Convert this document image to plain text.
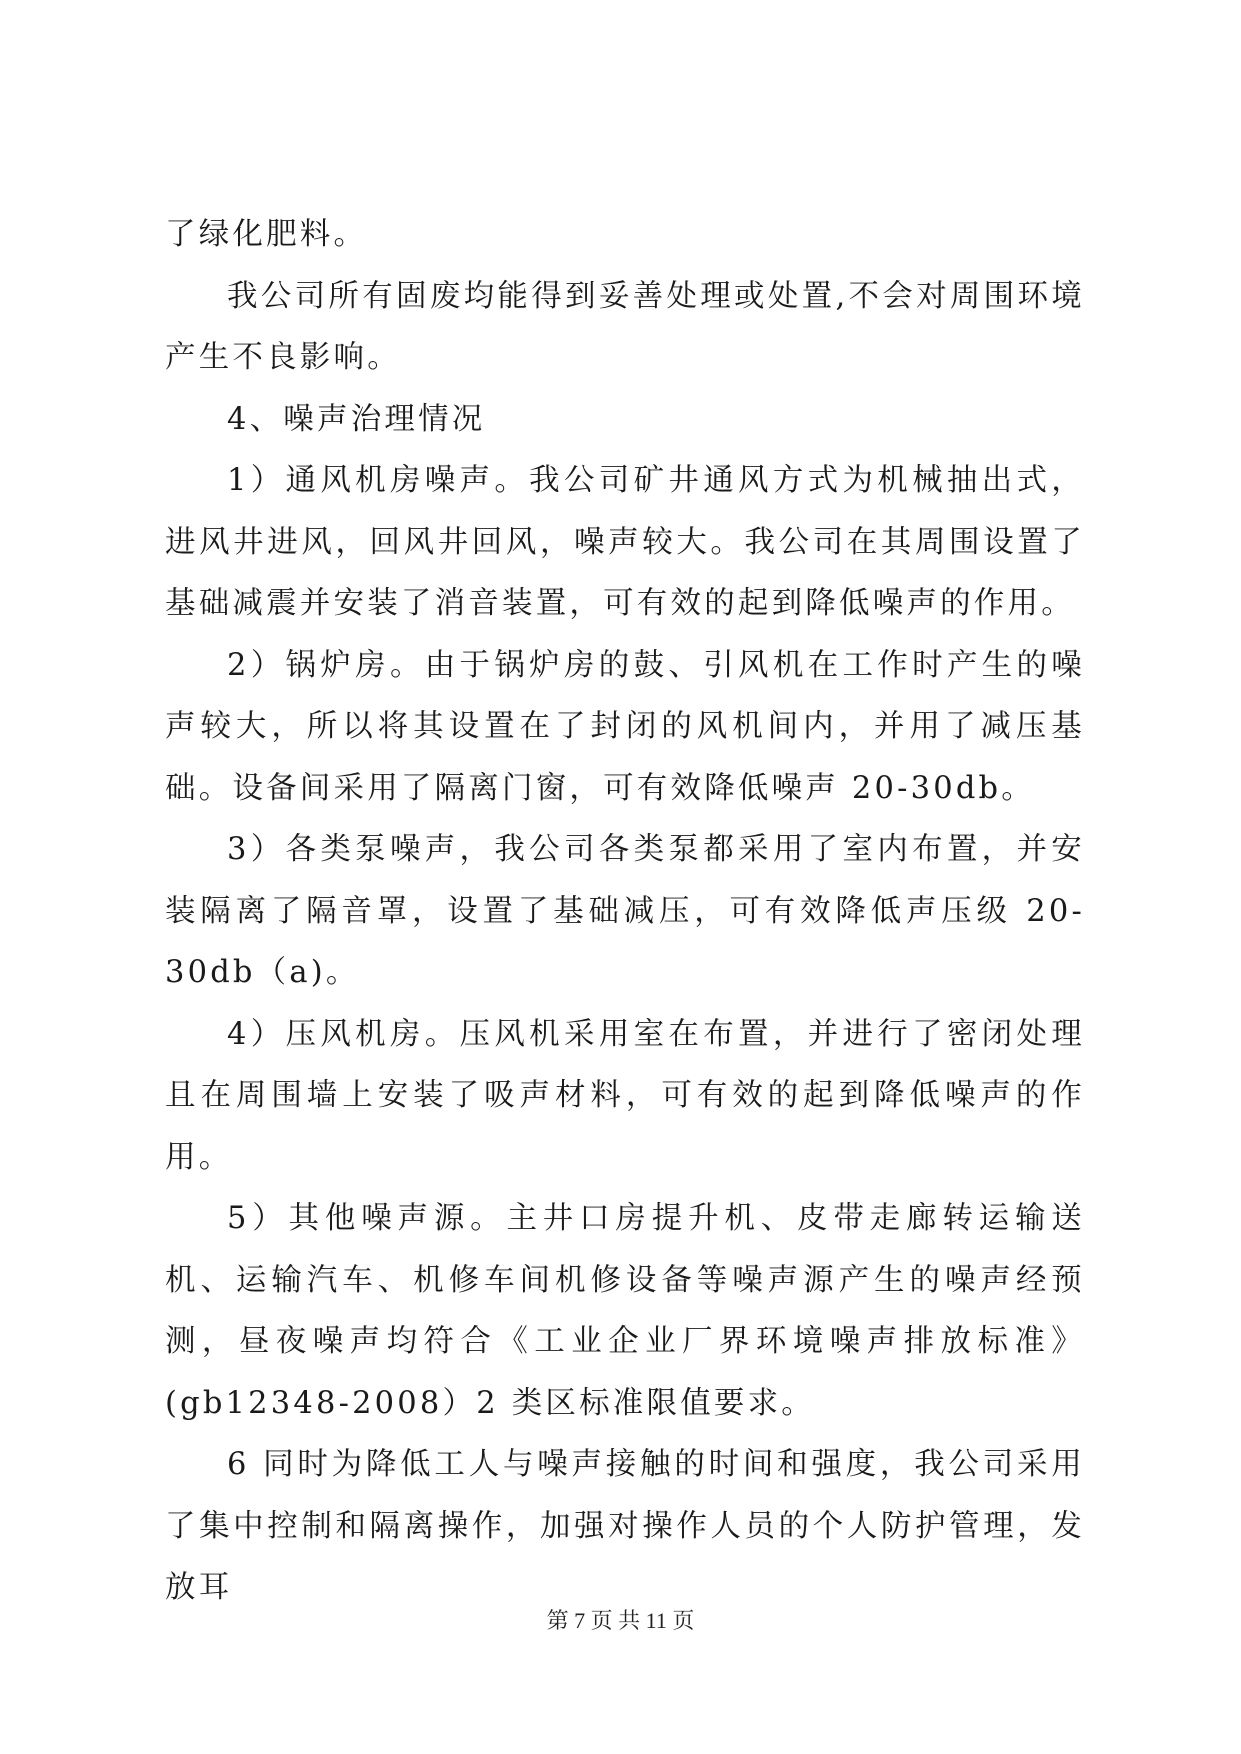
了绿化肥料。

我公司所有固废均能得到妥善处理或处置,不会对周围环境产生不良影响。

4、噪声治理情况

1）通风机房噪声。我公司矿井通风方式为机械抽出式，进风井进风，回风井回风，噪声较大。我公司在其周围设置了基础减震并安装了消音装置，可有效的起到降低噪声的作用。

2）锅炉房。由于锅炉房的鼓、引风机在工作时产生的噪声较大，所以将其设置在了封闭的风机间内，并用了减压基础。设备间采用了隔离门窗，可有效降低噪声 20-30db。

3）各类泵噪声，我公司各类泵都采用了室内布置，并安装隔离了隔音罩，设置了基础减压，可有效降低声压级 20-30db（a)。

4）压风机房。压风机采用室在布置，并进行了密闭处理且在周围墙上安装了吸声材料，可有效的起到降低噪声的作用。

5）其他噪声源。主井口房提升机、皮带走廊转运输送机、运输汽车、机修车间机修设备等噪声源产生的噪声经预测，昼夜噪声均符合《工业企业厂界环境噪声排放标准》(gb12348-2008）2 类区标准限值要求。

6 同时为降低工人与噪声接触的时间和强度，我公司采用了集中控制和隔离操作，加强对操作人员的个人防护管理，发放耳

第 7 页 共 11 页
